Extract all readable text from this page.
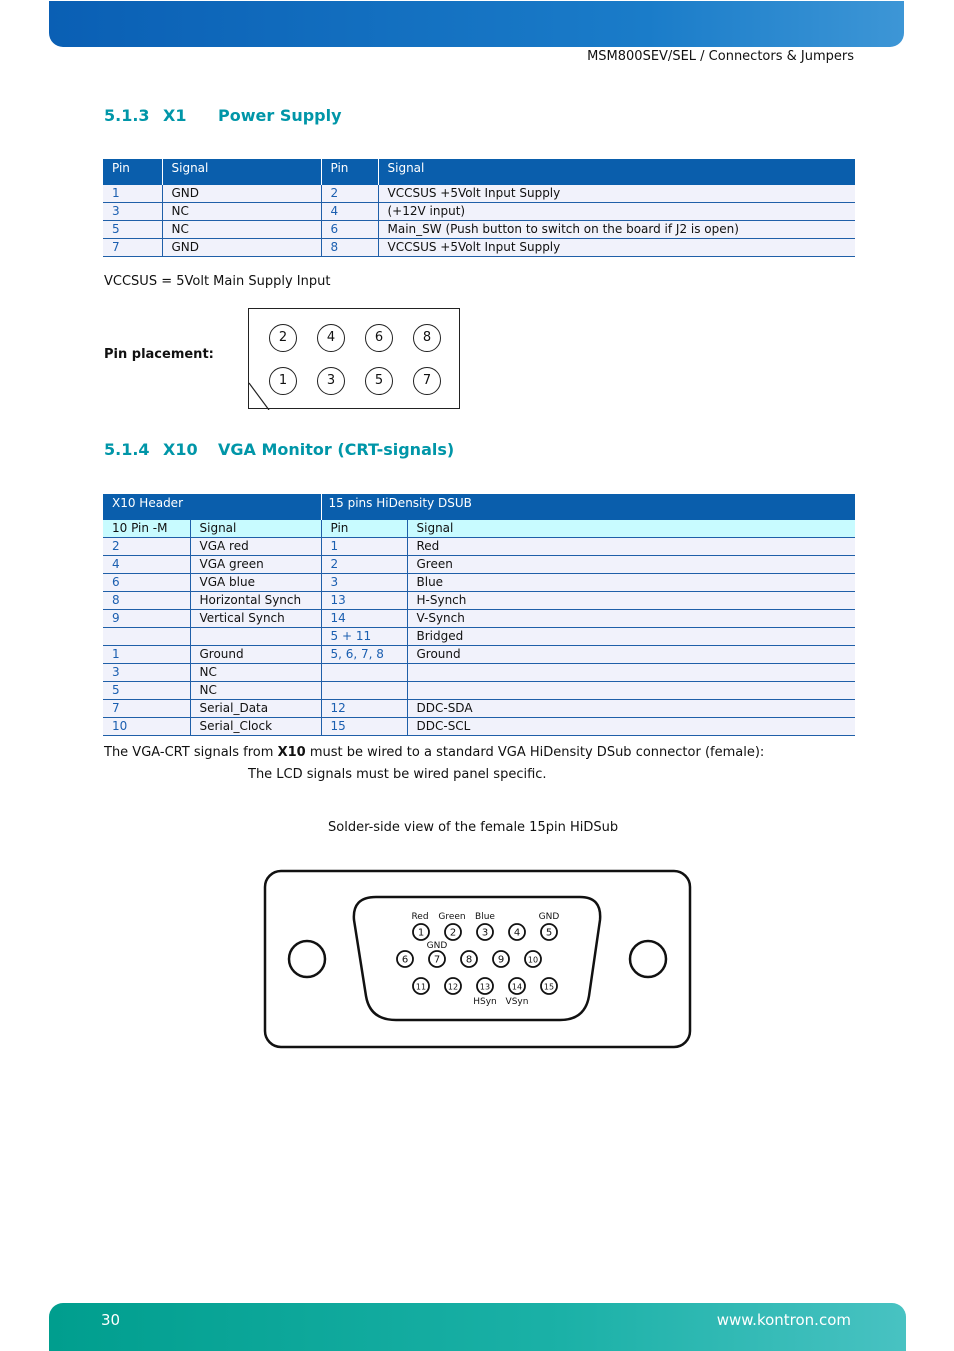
MSM800SEV/SEL / Connectors & Jumpers
5.1.3 X1 Power Supply
Pin	Signal	Pin	Signal
1	GND	2	VCCSUS +5Volt Input Supply
3	NC	4	(+12V input)
5	NC	6	Main_SW (Push button to switch on the board if J2 is open)
7	GND	8	VCCSUS +5Volt Input Supply
VCCSUS = 5Volt Main Supply Input
Pin placement:
2	4	6	8
1	3	5	7
5.1.4 X10 VGA Monitor (CRT-signals)
X10 Header		15 pins HiDensity DSUB	
10 Pin -M	Signal	Pin	Signal
2	VGA red	1	Red
4	VGA green	2	Green
6	VGA blue	3	Blue
8	Horizontal Synch	13	H-Synch
9	Vertical Synch	14	V-Synch
		5 + 11	Bridged
1	Ground	5, 6, 7, 8	Ground
3	NC		
5	NC		
7	Serial_Data	12	DDC-SDA
10	Serial_Clock	15	DDC-SCL
The VGA-CRT signals from X10 must be wired to a standard VGA HiDensity DSub connector (female):
The LCD signals must be wired panel specific.
Solder-side view of the female 15pin HiDSub
1	2	3	4	5
6	7	8	9	10
11	12	13	14	15
Red Green Blue	GND
GND
HSyn VSyn
30	www.kontron.com
